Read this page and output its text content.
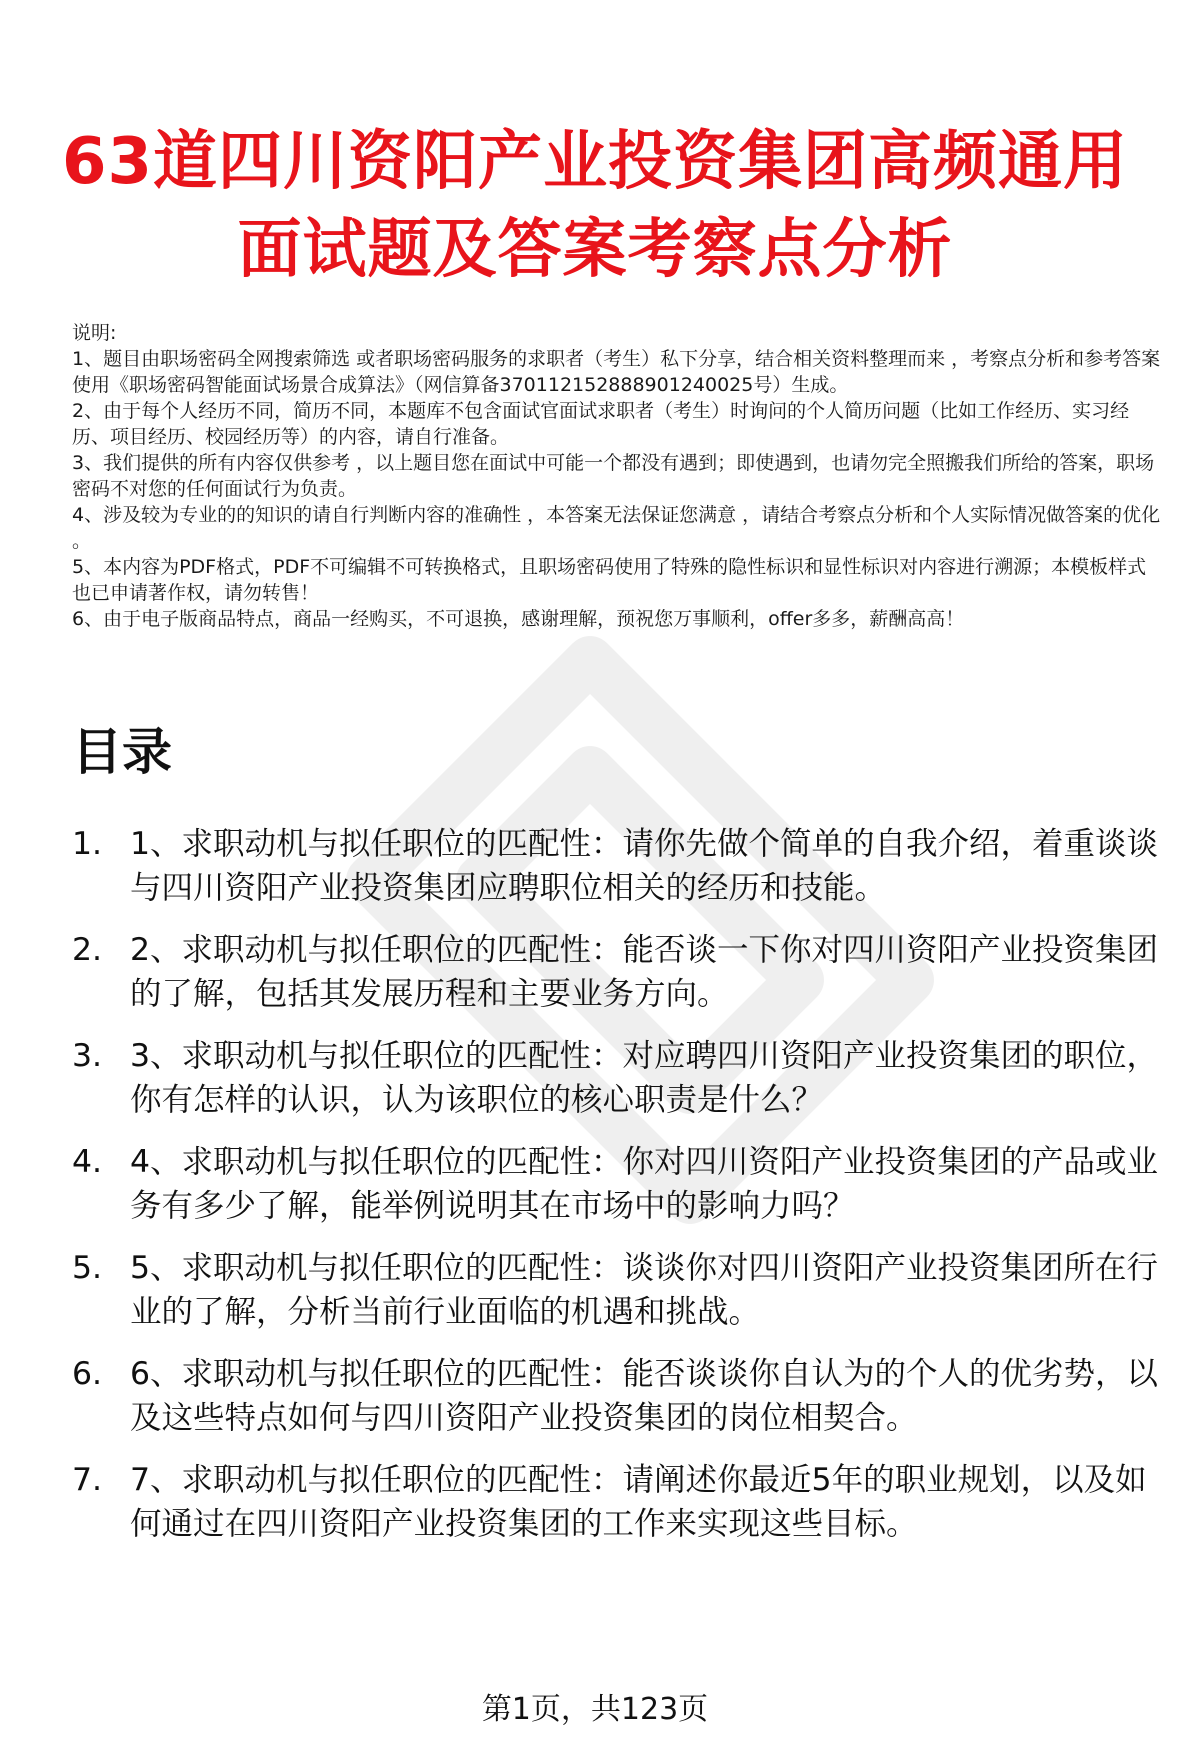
63道四川资阳产业投资集团高频通用面试题及答案考察点分析
说明:
1、题目由职场密码全网搜索筛选 或者职场密码服务的求职者（考生）私下分享，结合相关资料整理而来 ，考察点分析和参考答案使用《职场密码智能面试场景合成算法》（网信算备370112152888901240025号）生成。
2、由于每个人经历不同，简历不同，本题库不包含面试官面试求职者（考生）时询问的个人简历问题（比如工作经历、实习经历、项目经历、校园经历等）的内容，请自行准备。
3、我们提供的所有内容仅供参考 ，以上题目您在面试中可能一个都没有遇到；即使遇到，也请勿完全照搬我们所给的答案，职场密码不对您的任何面试行为负责。
4、涉及较为专业的的知识的请自行判断内容的准确性 ，本答案无法保证您满意 ，请结合考察点分析和个人实际情况做答案的优化 。
5、本内容为PDF格式，PDF不可编辑不可转换格式，且职场密码使用了特殊的隐性标识和显性标识对内容进行溯源；本模板样式也已申请著作权，请勿转售！
6、由于电子版商品特点，商品一经购买，不可退换，感谢理解，预祝您万事顺利，offer多多，薪酬高高！
目录
1. 1、求职动机与拟任职位的匹配性：请你先做个简单的自我介绍，着重谈谈与四川资阳产业投资集团应聘职位相关的经历和技能。
2. 2、求职动机与拟任职位的匹配性：能否谈一下你对四川资阳产业投资集团的了解，包括其发展历程和主要业务方向。
3. 3、求职动机与拟任职位的匹配性：对应聘四川资阳产业投资集团的职位，你有怎样的认识，认为该职位的核心职责是什么？
4. 4、求职动机与拟任职位的匹配性：你对四川资阳产业投资集团的产品或业务有多少了解，能举例说明其在市场中的影响力吗？
5. 5、求职动机与拟任职位的匹配性：谈谈你对四川资阳产业投资集团所在行业的了解，分析当前行业面临的机遇和挑战。
6. 6、求职动机与拟任职位的匹配性：能否谈谈你自认为的个人的优劣势，以及这些特点如何与四川资阳产业投资集团的岗位相契合。
7. 7、求职动机与拟任职位的匹配性：请阐述你最近5年的职业规划，以及如何通过在四川资阳产业投资集团的工作来实现这些目标。
第1页，共123页
